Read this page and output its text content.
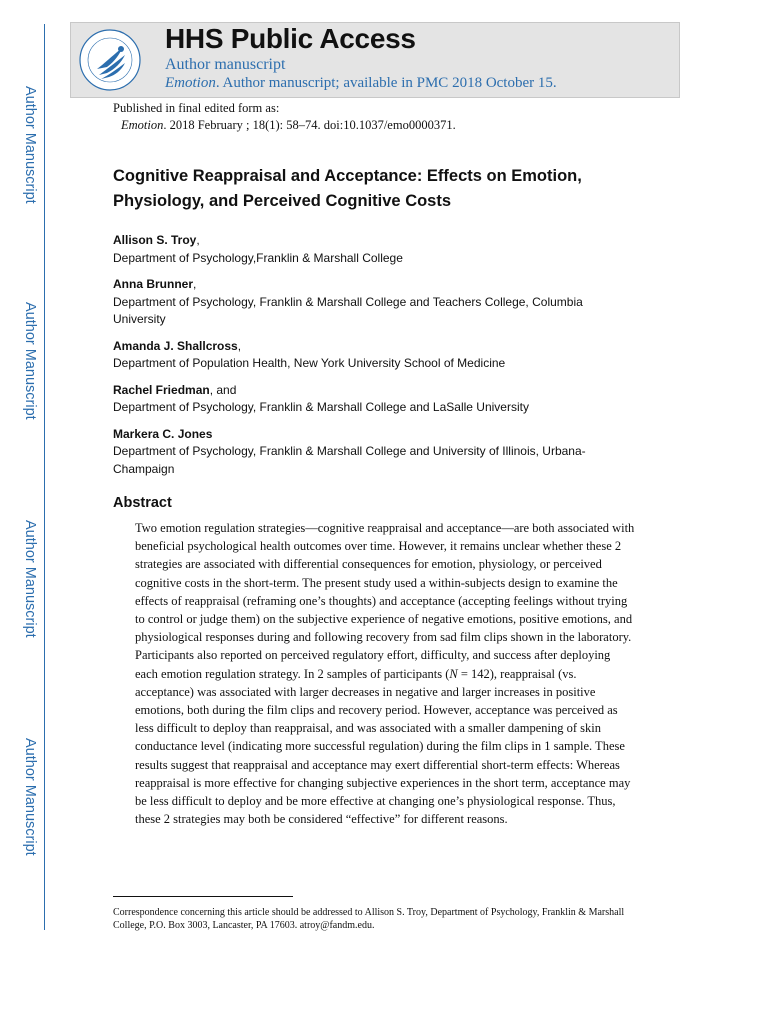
Author Manuscript
Author Manuscript
Author Manuscript
Author Manuscript
HHS Public Access
Author manuscript
Emotion. Author manuscript; available in PMC 2018 October 15.
Published in final edited form as:
Emotion. 2018 February ; 18(1): 58–74. doi:10.1037/emo0000371.
Cognitive Reappraisal and Acceptance: Effects on Emotion, Physiology, and Perceived Cognitive Costs
Allison S. Troy,
Department of Psychology,Franklin & Marshall College
Anna Brunner,
Department of Psychology, Franklin & Marshall College and Teachers College, Columbia University
Amanda J. Shallcross,
Department of Population Health, New York University School of Medicine
Rachel Friedman, and
Department of Psychology, Franklin & Marshall College and LaSalle University
Markera C. Jones
Department of Psychology, Franklin & Marshall College and University of Illinois, Urbana-Champaign
Abstract

Two emotion regulation strategies—cognitive reappraisal and acceptance—are both associated with beneficial psychological health outcomes over time. However, it remains unclear whether these 2 strategies are associated with differential consequences for emotion, physiology, or perceived cognitive costs in the short-term. The present study used a within-subjects design to examine the effects of reappraisal (reframing one’s thoughts) and acceptance (accepting feelings without trying to control or judge them) on the subjective experience of negative emotions, positive emotions, and physiological responses during and following recovery from sad film clips shown in the laboratory. Participants also reported on perceived regulatory effort, difficulty, and success after deploying each emotion regulation strategy. In 2 samples of participants (N = 142), reappraisal (vs. acceptance) was associated with larger decreases in negative and larger increases in positive emotions, both during the film clips and recovery period. However, acceptance was perceived as less difficult to deploy than reappraisal, and was associated with a smaller dampening of skin conductance level (indicating more successful regulation) during the film clips in 1 sample. These results suggest that reappraisal and acceptance may exert differential short-term effects: Whereas reappraisal is more effective for changing subjective experiences in the short term, acceptance may be less difficult to deploy and be more effective at changing one’s physiological response. Thus, these 2 strategies may both be considered “effective” for different reasons.

Correspondence concerning this article should be addressed to Allison S. Troy, Department of Psychology, Franklin & Marshall College, P.O. Box 3003, Lancaster, PA 17603. atroy@fandm.edu.
